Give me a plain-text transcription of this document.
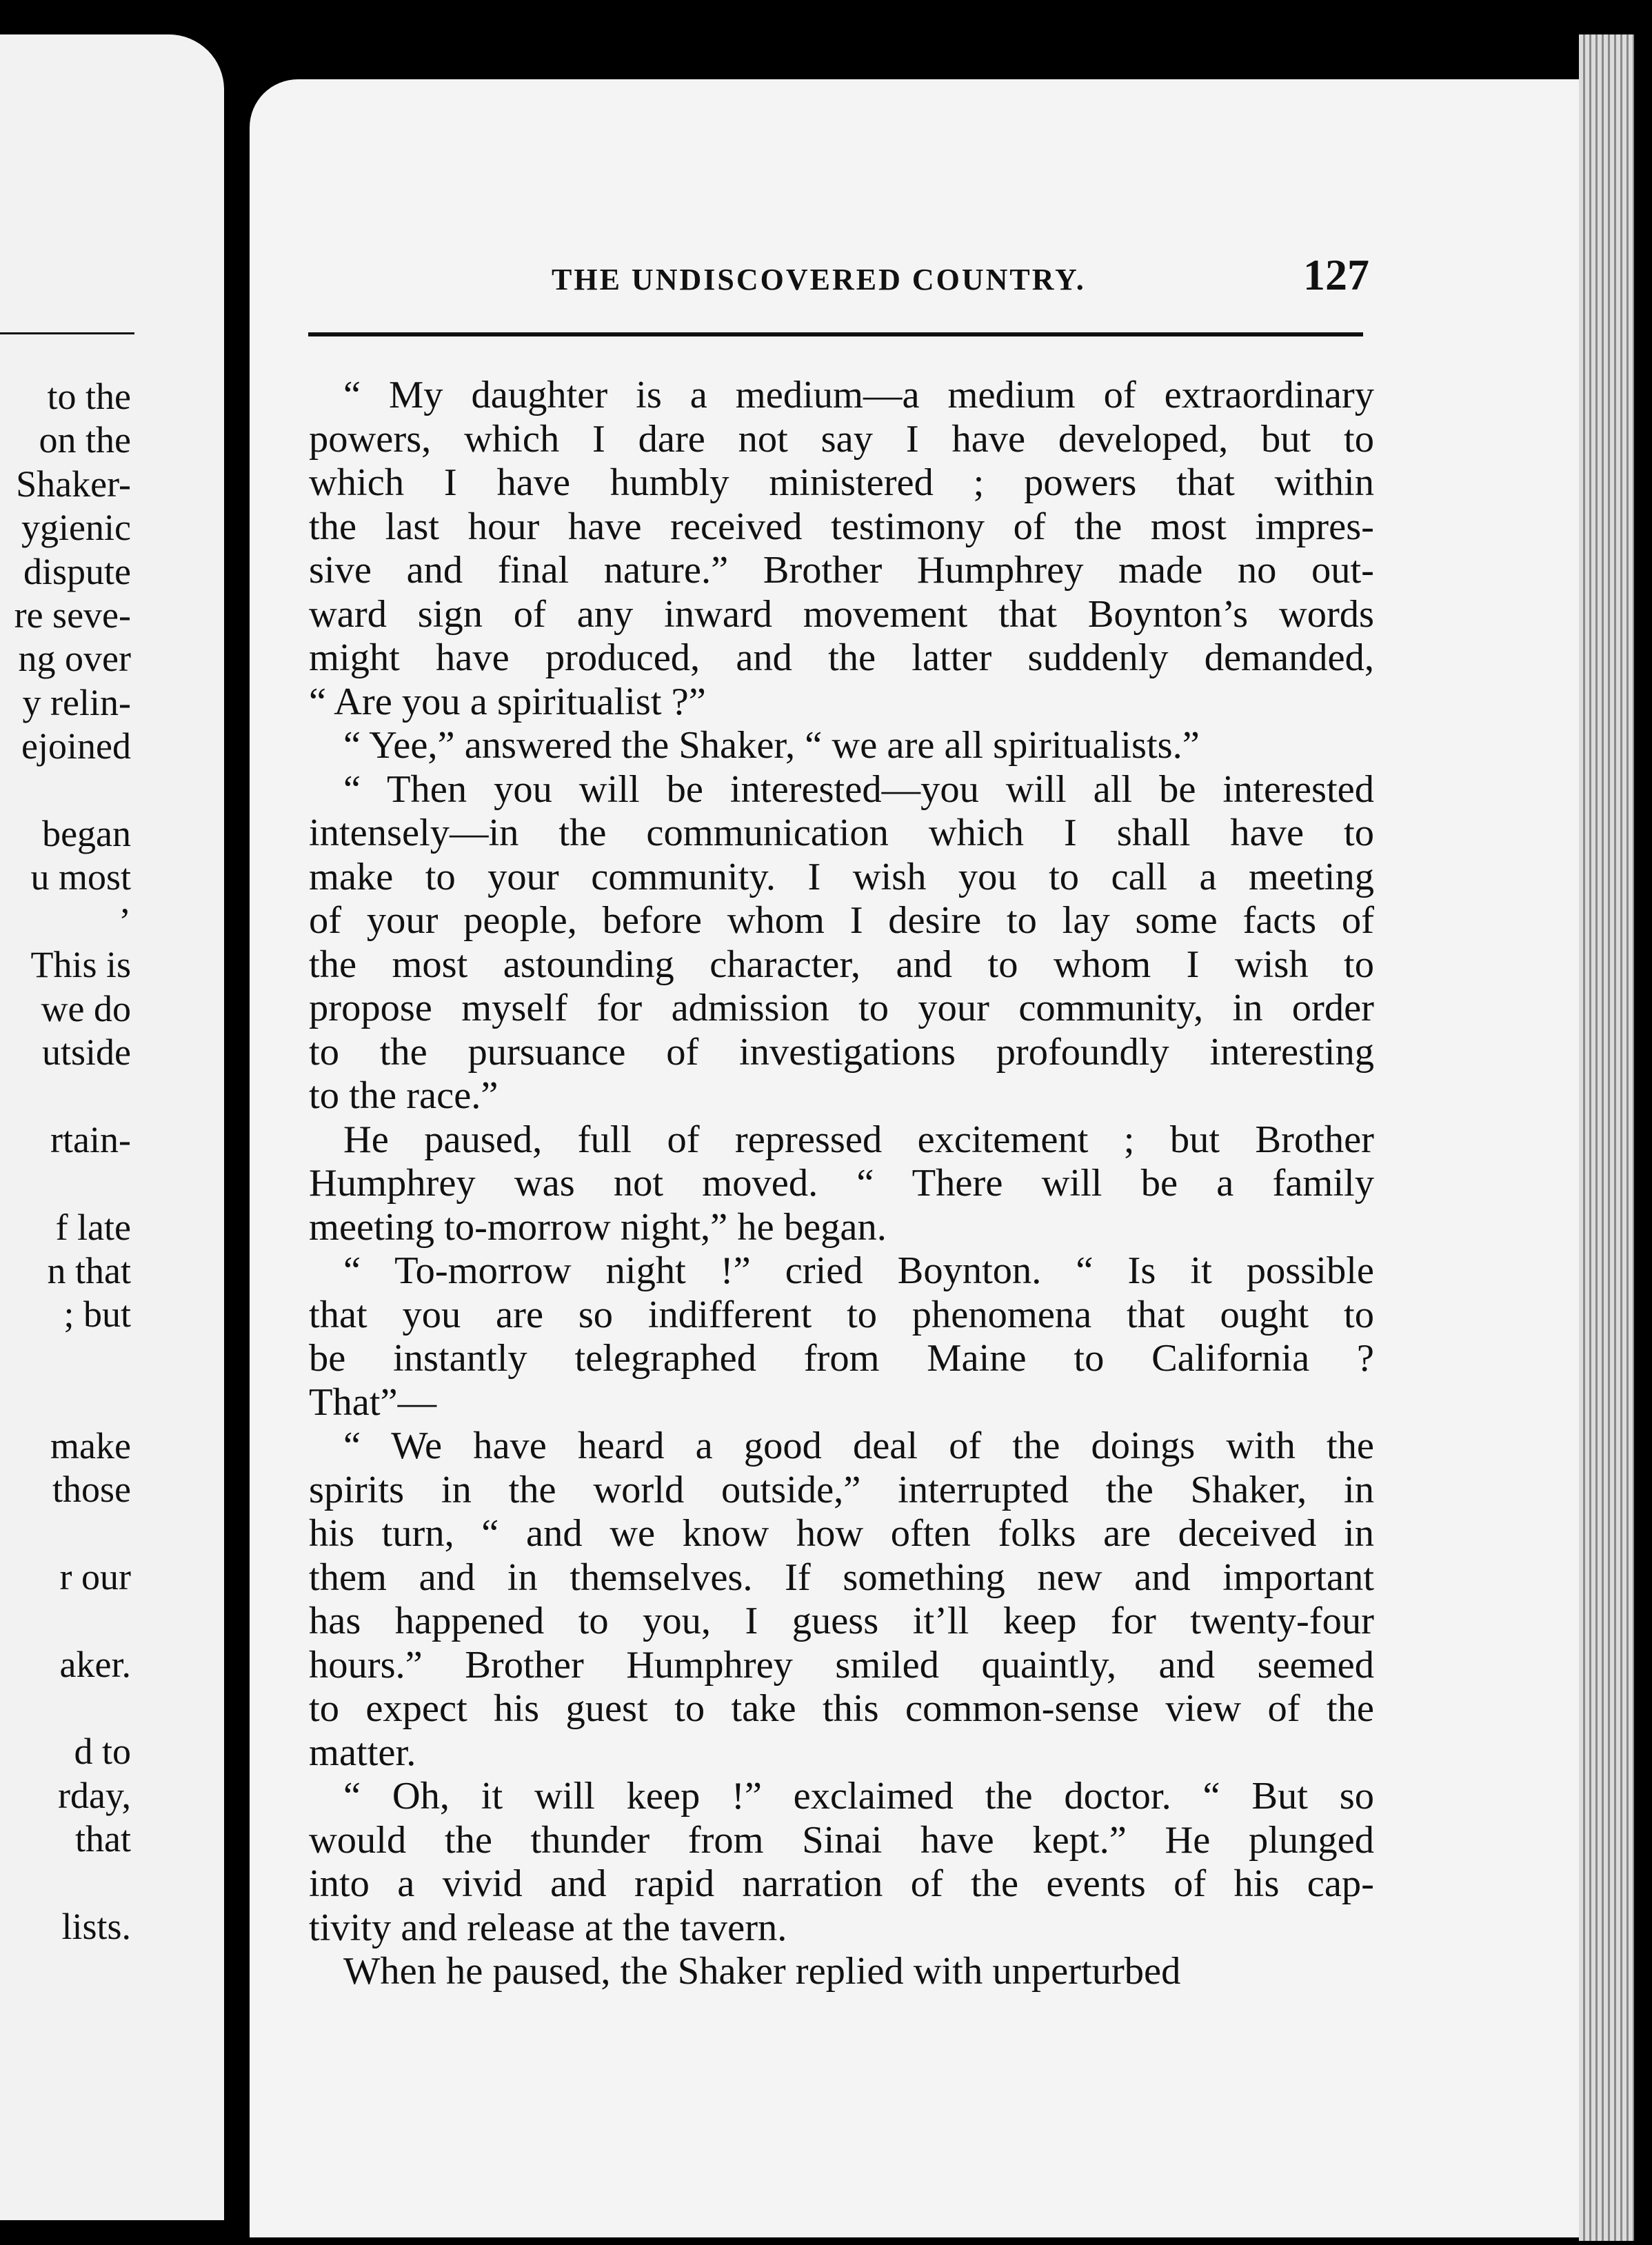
to the
on the
Shaker-
ygienic
dispute
re seve-
ng over
y relin-
ejoined
began
u most
’
This is
we do
utside
rtain-
f late
n that
; but
make
those
r our
aker.
d to
rday,
that
lists.
THE UNDISCOVERED COUNTRY.	127
“ My daughter is a medium—a medium of extraordinary
powers, which I dare not say I have developed, but to
which I have humbly ministered ; powers that within
the last hour have received testimony of the most impres-
sive and final nature.” Brother Humphrey made no out-
ward sign of any inward movement that Boynton’s words
might have produced, and the latter suddenly demanded,
“ Are you a spiritualist ?”
“ Yee,” answered the Shaker, “ we are all spiritualists.”
“ Then you will be interested—you will all be interested
intensely—in the communication which I shall have to
make to your community. I wish you to call a meeting
of your people, before whom I desire to lay some facts of
the most astounding character, and to whom I wish to
propose myself for admission to your community, in order
to the pursuance of investigations profoundly interesting
to the race.”
He paused, full of repressed excitement ; but Brother
Humphrey was not moved. “ There will be a family
meeting to-morrow night,” he began.
“ To-morrow night !” cried Boynton. “ Is it possible
that you are so indifferent to phenomena that ought to
be instantly telegraphed from Maine to California ?
That”—
“ We have heard a good deal of the doings with the
spirits in the world outside,” interrupted the Shaker, in
his turn, “ and we know how often folks are deceived in
them and in themselves. If something new and important
has happened to you, I guess it’ll keep for twenty-four
hours.” Brother Humphrey smiled quaintly, and seemed
to expect his guest to take this common-sense view of the
matter.
“ Oh, it will keep !” exclaimed the doctor. “ But so
would the thunder from Sinai have kept.” He plunged
into a vivid and rapid narration of the events of his cap-
tivity and release at the tavern.
When he paused, the Shaker replied with unperturbed
